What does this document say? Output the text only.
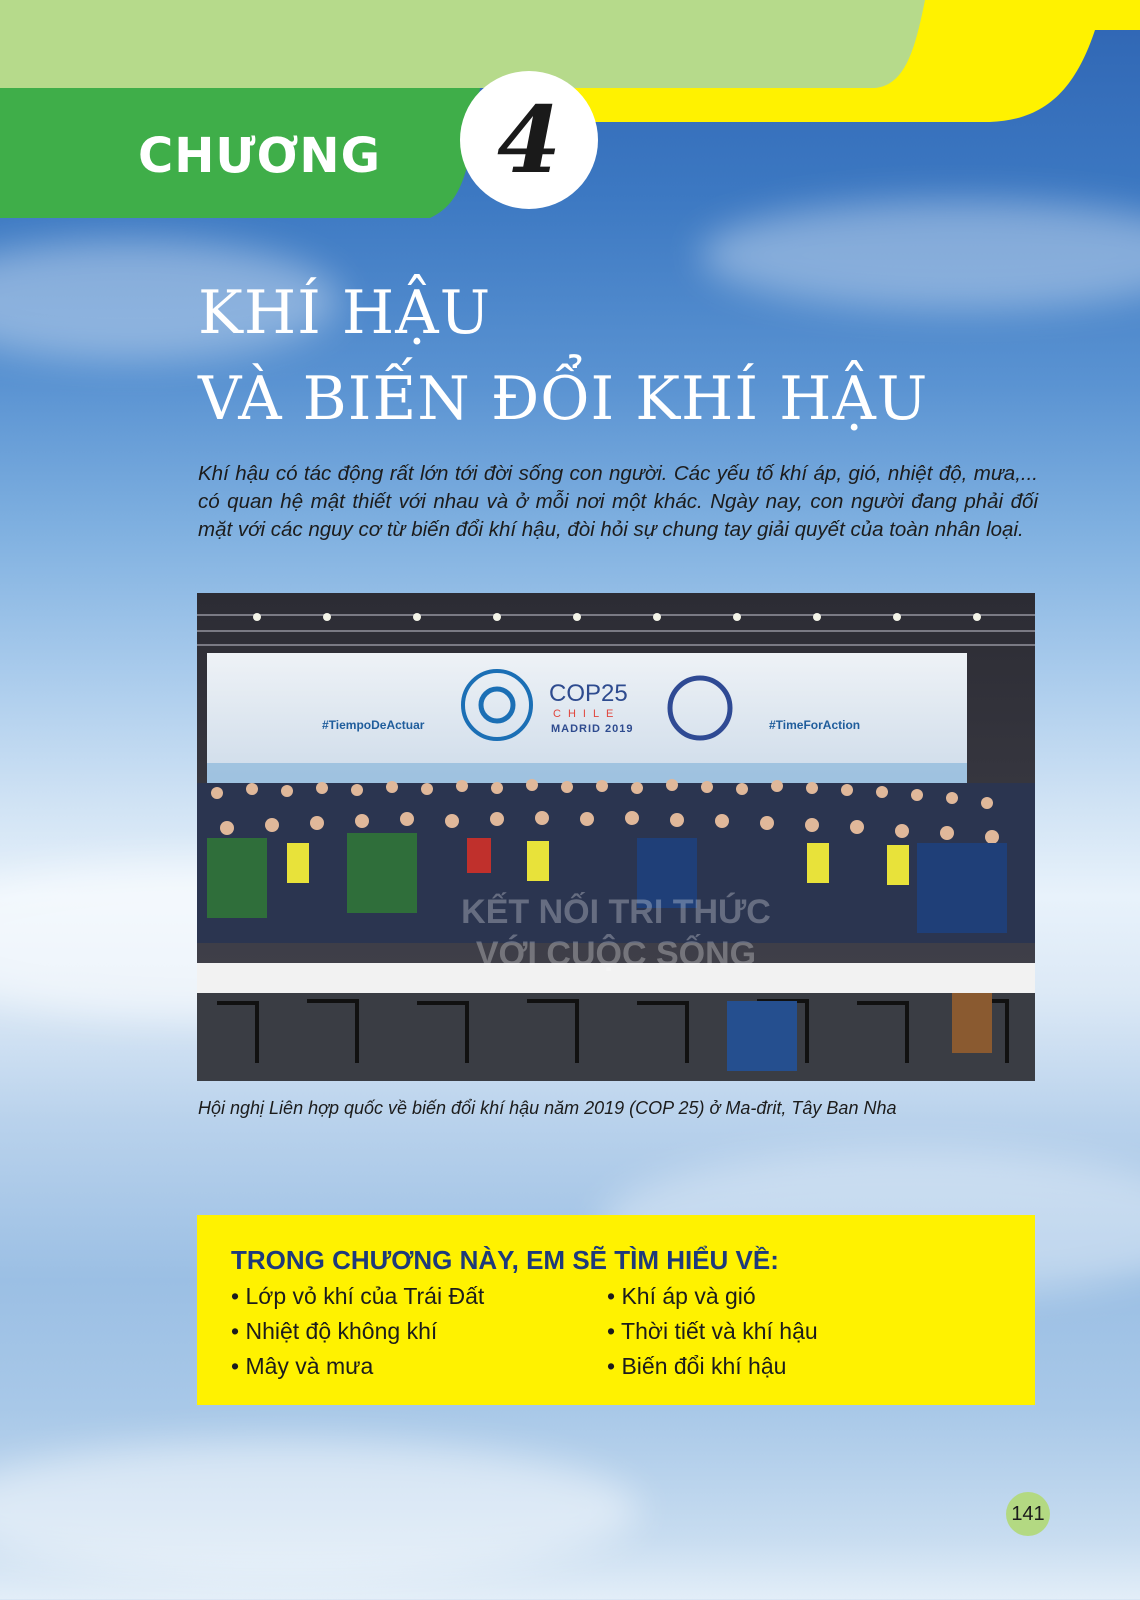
CHƯƠNG	4
KHÍ HẬU
VÀ BIẾN ĐỔI KHÍ HẬU

Khí hậu có tác động rất lớn tới đời sống con người. Các yếu tố khí áp, gió, nhiệt độ, mưa,... có quan hệ mật thiết với nhau và ở mỗi nơi một khác. Ngày nay, con người đang phải đối mặt với các nguy cơ từ biến đổi khí hậu, đòi hỏi sự chung tay giải quyết của toàn nhân loại.

#TiempoDeActuar	#TimeForAction
COP25
CHILE
MADRID 2019
KẾT NỐI TRI THỨC
VỚI CUỘC SỐNG

Hội nghị Liên hợp quốc về biến đổi khí hậu năm 2019 (COP 25) ở Ma-đrit, Tây Ban Nha

TRONG CHƯƠNG NÀY, EM SẼ TÌM HIỂU VỀ:
• Lớp vỏ khí của Trái Đất
• Nhiệt độ không khí
• Mây và mưa
• Khí áp và gió
• Thời tiết và khí hậu
• Biến đổi khí hậu
141
